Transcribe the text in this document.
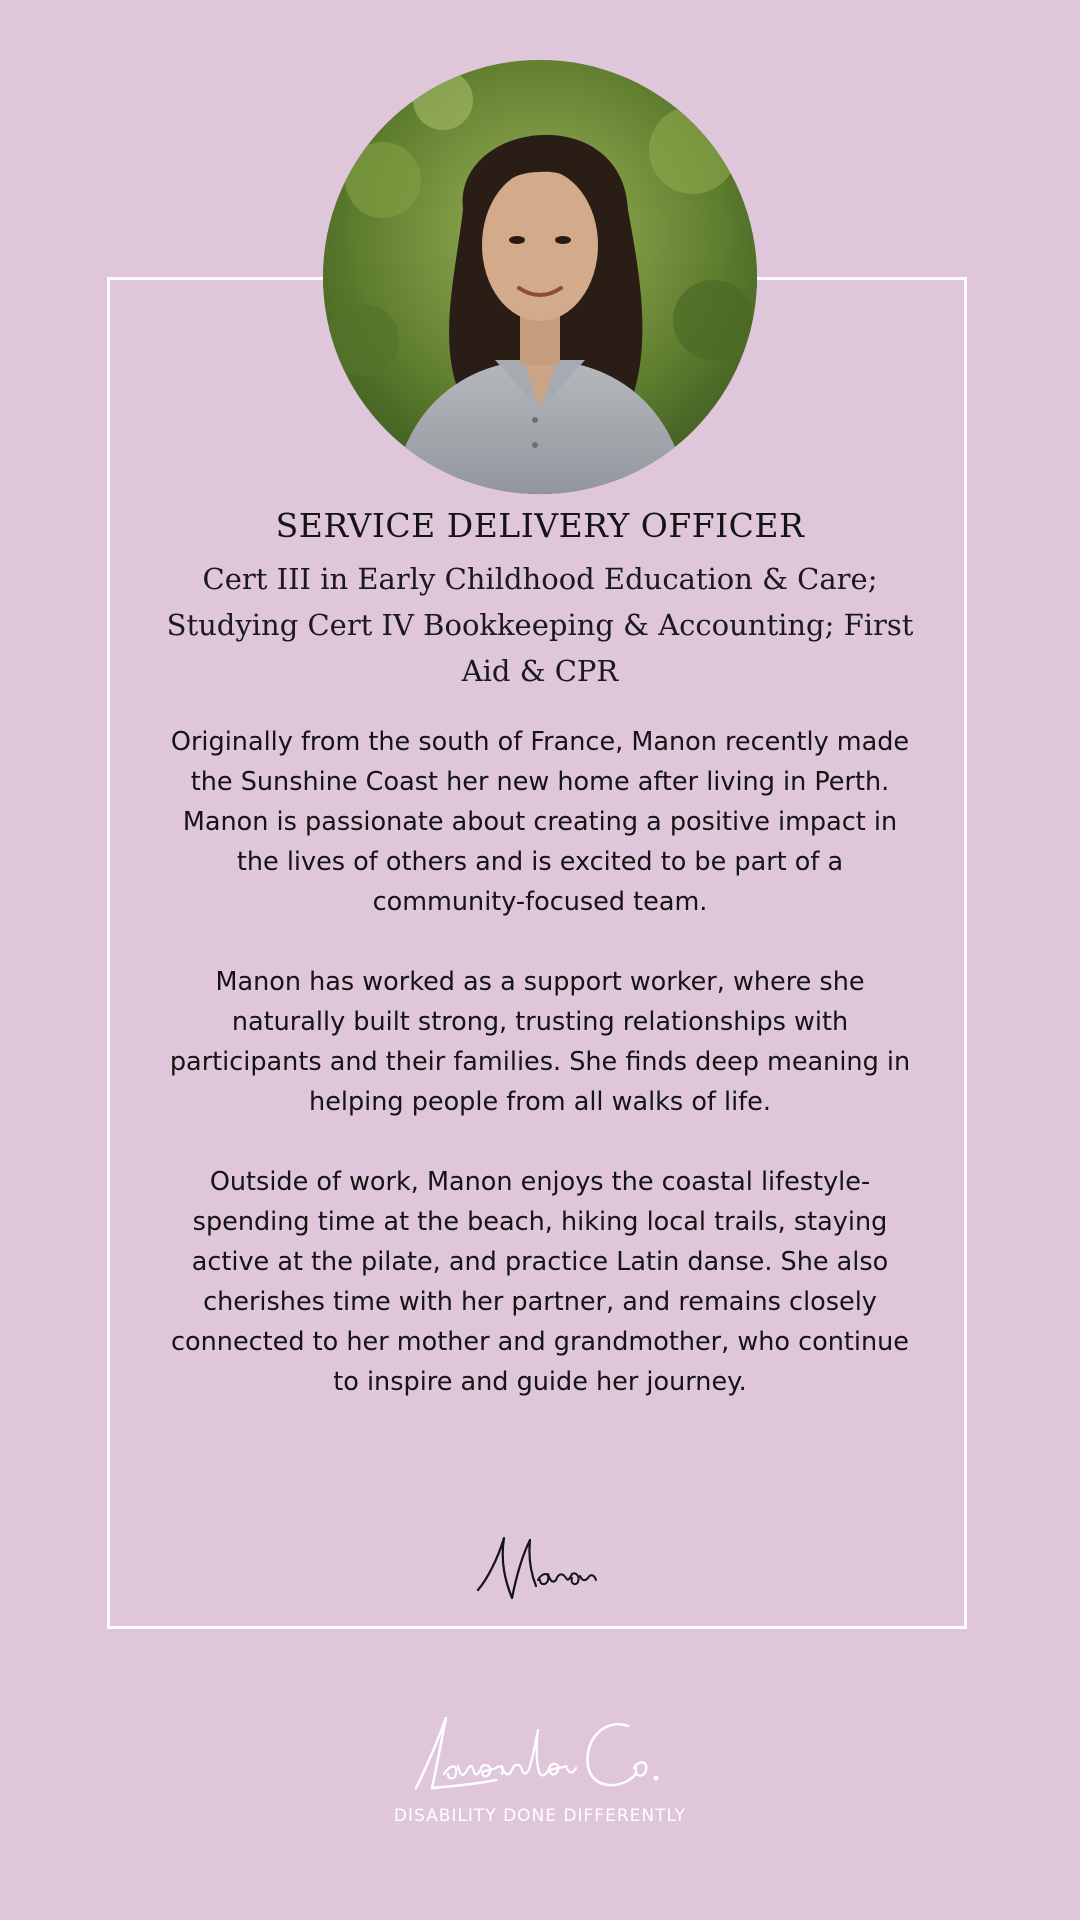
SERVICE DELIVERY OFFICER
Cert III in Early Childhood Education & Care; Studying Cert IV Bookkeeping & Accounting; First Aid & CPR

Originally from the south of France, Manon recently made the Sunshine Coast her new home after living in Perth. Manon is passionate about creating a positive impact in the lives of others and is excited to be part of a community-focused team.

Manon has worked as a support worker, where she naturally built strong, trusting relationships with participants and their families. She finds deep meaning in helping people from all walks of life.

Outside of work, Manon enjoys the coastal lifestyle- spending time at the beach, hiking local trails, staying active at the pilate, and practice Latin danse. She also cherishes time with her partner, and remains closely connected to her mother and grandmother, who continue to inspire and guide her journey.

DISABILITY DONE DIFFERENTLY
